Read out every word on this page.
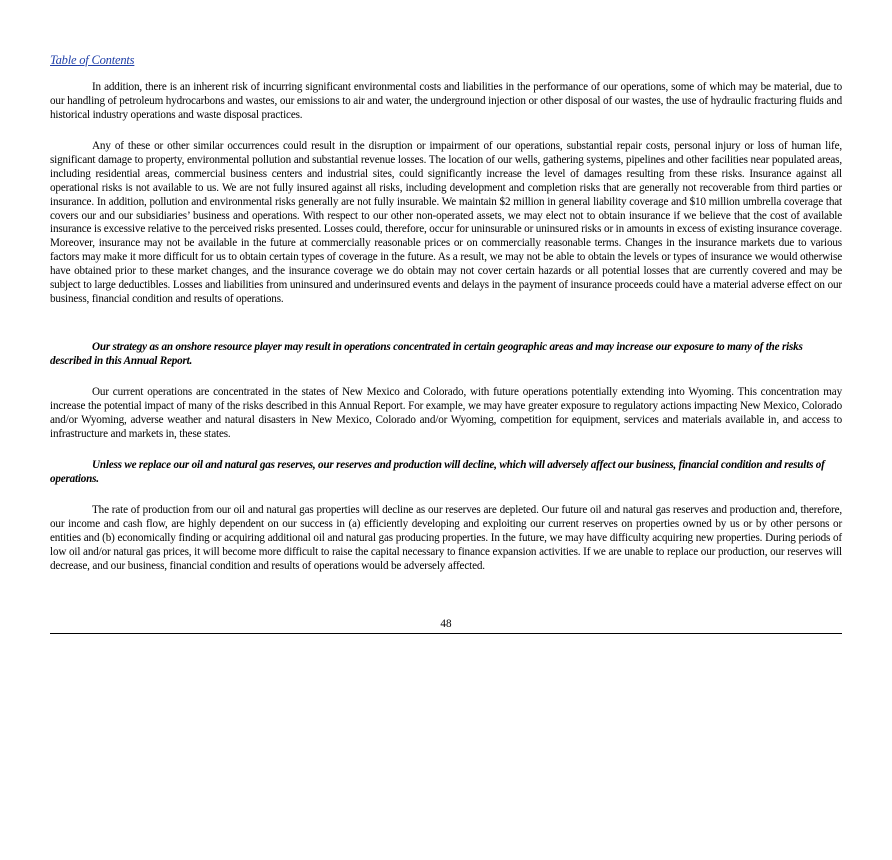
Table of Contents

In addition, there is an inherent risk of incurring significant environmental costs and liabilities in the performance of our operations, some of which may be material, due to our handling of petroleum hydrocarbons and wastes, our emissions to air and water, the underground injection or other disposal of our wastes, the use of hydraulic fracturing fluids and historical industry operations and waste disposal practices.

Any of these or other similar occurrences could result in the disruption or impairment of our operations, substantial repair costs, personal injury or loss of human life, significant damage to property, environmental pollution and substantial revenue losses. The location of our wells, gathering systems, pipelines and other facilities near populated areas, including residential areas, commercial business centers and industrial sites, could significantly increase the level of damages resulting from these risks. Insurance against all operational risks is not available to us. We are not fully insured against all risks, including development and completion risks that are generally not recoverable from third parties or insurance. In addition, pollution and environmental risks generally are not fully insurable. We maintain $2 million in general liability coverage and $10 million umbrella coverage that covers our and our subsidiaries’ business and operations. With respect to our other non-operated assets, we may elect not to obtain insurance if we believe that the cost of available insurance is excessive relative to the perceived risks presented. Losses could, therefore, occur for uninsurable or uninsured risks or in amounts in excess of existing insurance coverage. Moreover, insurance may not be available in the future at commercially reasonable prices or on commercially reasonable terms. Changes in the insurance markets due to various factors may make it more difficult for us to obtain certain types of coverage in the future. As a result, we may not be able to obtain the levels or types of insurance we would otherwise have obtained prior to these market changes, and the insurance coverage we do obtain may not cover certain hazards or all potential losses that are currently covered and may be subject to large deductibles. Losses and liabilities from uninsured and underinsured events and delays in the payment of insurance proceeds could have a material adverse effect on our business, financial condition and results of operations.

Our strategy as an onshore resource player may result in operations concentrated in certain geographic areas and may increase our exposure to many of the risks described in this Annual Report.

Our current operations are concentrated in the states of New Mexico and Colorado, with future operations potentially extending into Wyoming. This concentration may increase the potential impact of many of the risks described in this Annual Report. For example, we may have greater exposure to regulatory actions impacting New Mexico, Colorado and/or Wyoming, adverse weather and natural disasters in New Mexico, Colorado and/or Wyoming, competition for equipment, services and materials available in, and access to infrastructure and markets in, these states.

Unless we replace our oil and natural gas reserves, our reserves and production will decline, which will adversely affect our business, financial condition and results of operations.

The rate of production from our oil and natural gas properties will decline as our reserves are depleted. Our future oil and natural gas reserves and production and, therefore, our income and cash flow, are highly dependent on our success in (a) efficiently developing and exploiting our current reserves on properties owned by us or by other persons or entities and (b) economically finding or acquiring additional oil and natural gas producing properties. In the future, we may have difficulty acquiring new properties. During periods of low oil and/or natural gas prices, it will become more difficult to raise the capital necessary to finance expansion activities. If we are unable to replace our production, our reserves will decrease, and our business, financial condition and results of operations would be adversely affected.

48
